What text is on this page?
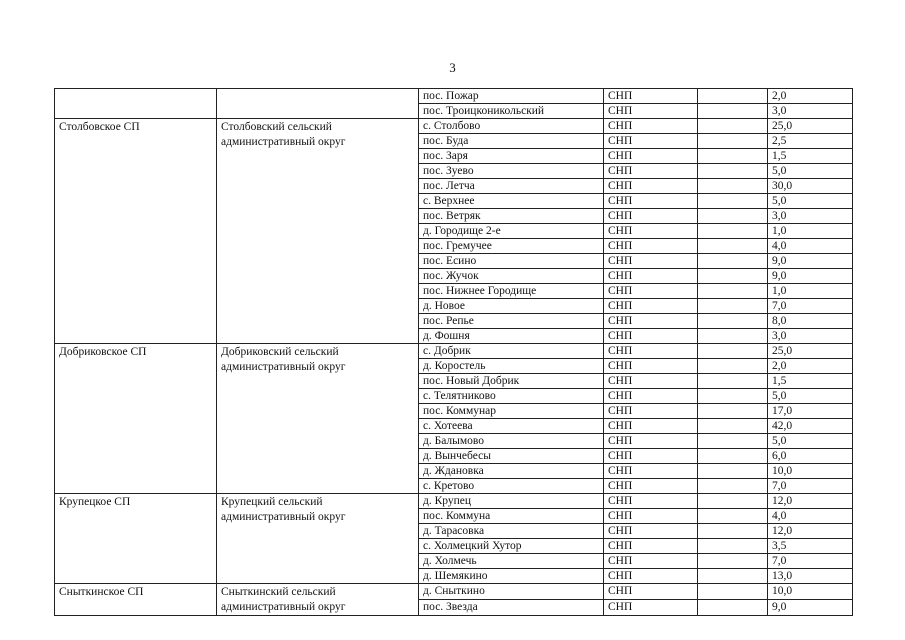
3
		пос. Пожар	СНП		2,0
		пос. Троицконикольский	СНП		3,0
Столбовское СП	Столбовский сельский административный округ	с. Столбово	СНП		25,0
		пос. Буда	СНП		2,5
		пос. Заря	СНП		1,5
		пос. Зуево	СНП		5,0
		пос. Летча	СНП		30,0
		с. Верхнее	СНП		5,0
		пос. Ветряк	СНП		3,0
		д. Городище 2-е	СНП		1,0
		пос. Гремучее	СНП		4,0
		пос. Есино	СНП		9,0
		пос. Жучок	СНП		9,0
		пос. Нижнее Городище	СНП		1,0
		д. Новое	СНП		7,0
		пос. Репье	СНП		8,0
		д. Фошня	СНП		3,0
Добриковское СП	Добриковский сельский административный округ	с. Добрик	СНП		25,0
		д. Коростель	СНП		2,0
		пос. Новый Добрик	СНП		1,5
		с. Телятниково	СНП		5,0
		пос. Коммунар	СНП		17,0
		с. Хотеева	СНП		42,0
		д. Балымово	СНП		5,0
		д. Вынчебесы	СНП		6,0
		д. Ждановка	СНП		10,0
		с. Кретово	СНП		7,0
Крупецкое СП	Крупецкий сельский административный округ	д. Крупец	СНП		12,0
		пос. Коммуна	СНП		4,0
		д. Тарасовка	СНП		12,0
		с. Холмецкий Хутор	СНП		3,5
		д. Холмечь	СНП		7,0
		д. Шемякино	СНП		13,0
Сныткинское СП	Сныткинский сельский административный округ	д. Сныткино	СНП		10,0
		пос. Звезда	СНП		9,0
